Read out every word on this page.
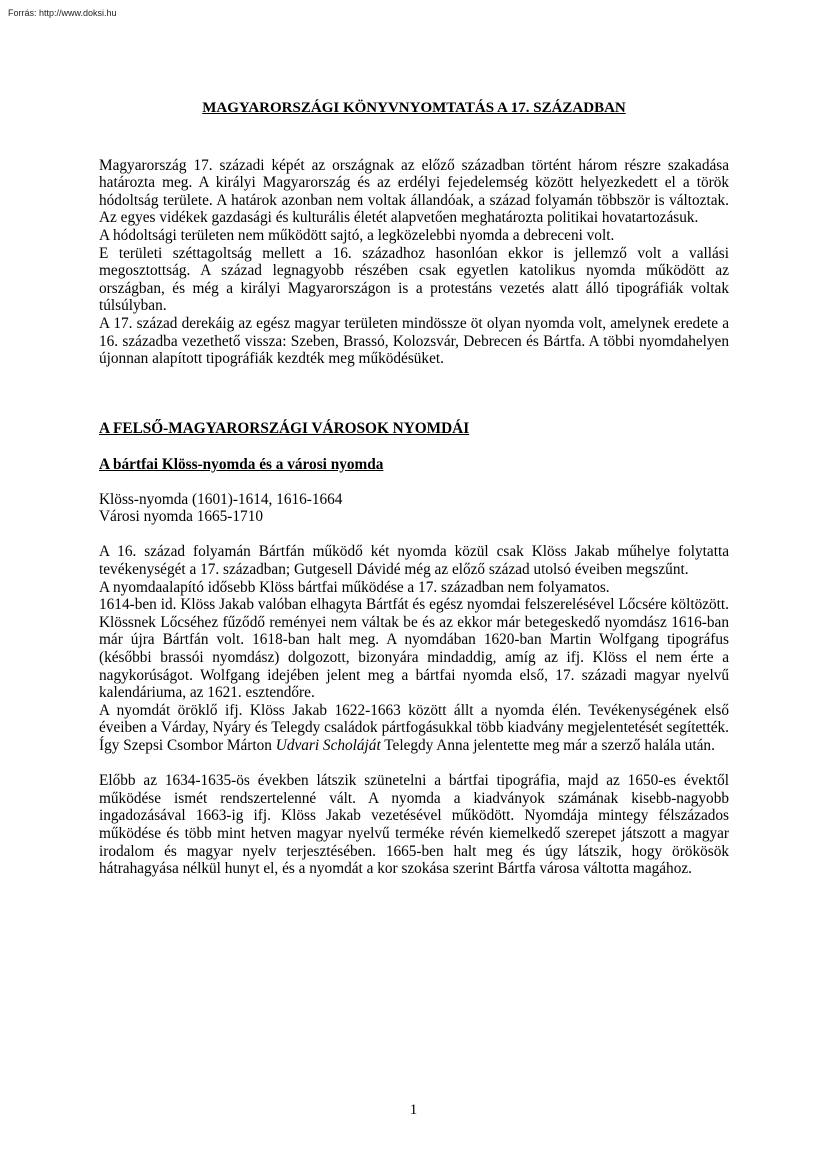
Forrás: http://www.doksi.hu

MAGYARORSZÁGI KÖNYVNYOMTATÁS A 17. SZÁZADBAN

Magyarország 17. századi képét az országnak az előző században történt három részre szakadása határozta meg. A királyi Magyarország és az erdélyi fejedelemség között helyezkedett el a török hódoltság területe. A határok azonban nem voltak állandóak, a század folyamán többször is változtak. Az egyes vidékek gazdasági és kulturális életét alapvetően meghatározta politikai hovatartozásuk.

A hódoltsági területen nem működött sajtó, a legközelebbi nyomda a debreceni volt.

E területi széttagoltság mellett a 16. századhoz hasonlóan ekkor is jellemző volt a vallási megosztottság. A század legnagyobb részében csak egyetlen katolikus nyomda működött az országban, és még a királyi Magyarországon is a protestáns vezetés alatt álló tipográfiák voltak túlsúlyban.

A 17. század derekáig az egész magyar területen mindössze öt olyan nyomda volt, amelynek eredete a 16. századba vezethető vissza: Szeben, Brassó, Kolozsvár, Debrecen és Bártfa. A többi nyomdahelyen újonnan alapított tipográfiák kezdték meg működésüket.

A FELSŐ-MAGYARORSZÁGI VÁROSOK NYOMDÁI

A bártfai Klöss-nyomda és a városi nyomda

Klöss-nyomda (1601)-1614, 1616-1664

Városi nyomda 1665-1710

A 16. század folyamán Bártfán működő két nyomda közül csak Klöss Jakab műhelye folytatta tevékenységét a 17. században; Gutgesell Dávidé még az előző század utolsó éveiben megszűnt.

A nyomdaalapító idősebb Klöss bártfai működése a 17. században nem folyamatos.

1614-ben id. Klöss Jakab valóban elhagyta Bártfát és egész nyomdai felszerelésével Lőcsére költözött. Klössnek Lőcséhez fűződő reményei nem váltak be és az ekkor már betegeskedő nyomdász 1616-ban már újra Bártfán volt. 1618-ban halt meg. A nyomdában 1620-ban Martin Wolfgang tipográfus (későbbi brassói nyomdász) dolgozott, bizonyára mindaddig, amíg az ifj. Klöss el nem érte a nagykorúságot. Wolfgang idejében jelent meg a bártfai nyomda első, 17. századi magyar nyelvű kalendáriuma, az 1621. esztendőre.

A nyomdát öröklő ifj. Klöss Jakab 1622-1663 között állt a nyomda élén. Tevékenységének első éveiben a Várday, Nyáry és Telegdy családok pártfogásukkal több kiadvány megjelentetését segítették. Így Szepsi Csombor Márton Udvari Scholáját Telegdy Anna jelentette meg már a szerző halála után.

Előbb az 1634-1635-ös években látszik szünetelni a bártfai tipográfia, majd az 1650-es évektől működése ismét rendszertelenné vált. A nyomda a kiadványok számának kisebb-nagyobb ingadozásával 1663-ig ifj. Klöss Jakab vezetésével működött. Nyomdája mintegy félszázados működése és több mint hetven magyar nyelvű terméke révén kiemelkedő szerepet játszott a magyar irodalom és magyar nyelv terjesztésében. 1665-ben halt meg és úgy látszik, hogy örökösök hátrahagyása nélkül hunyt el, és a nyomdát a kor szokása szerint Bártfa városa váltotta magához.

1
